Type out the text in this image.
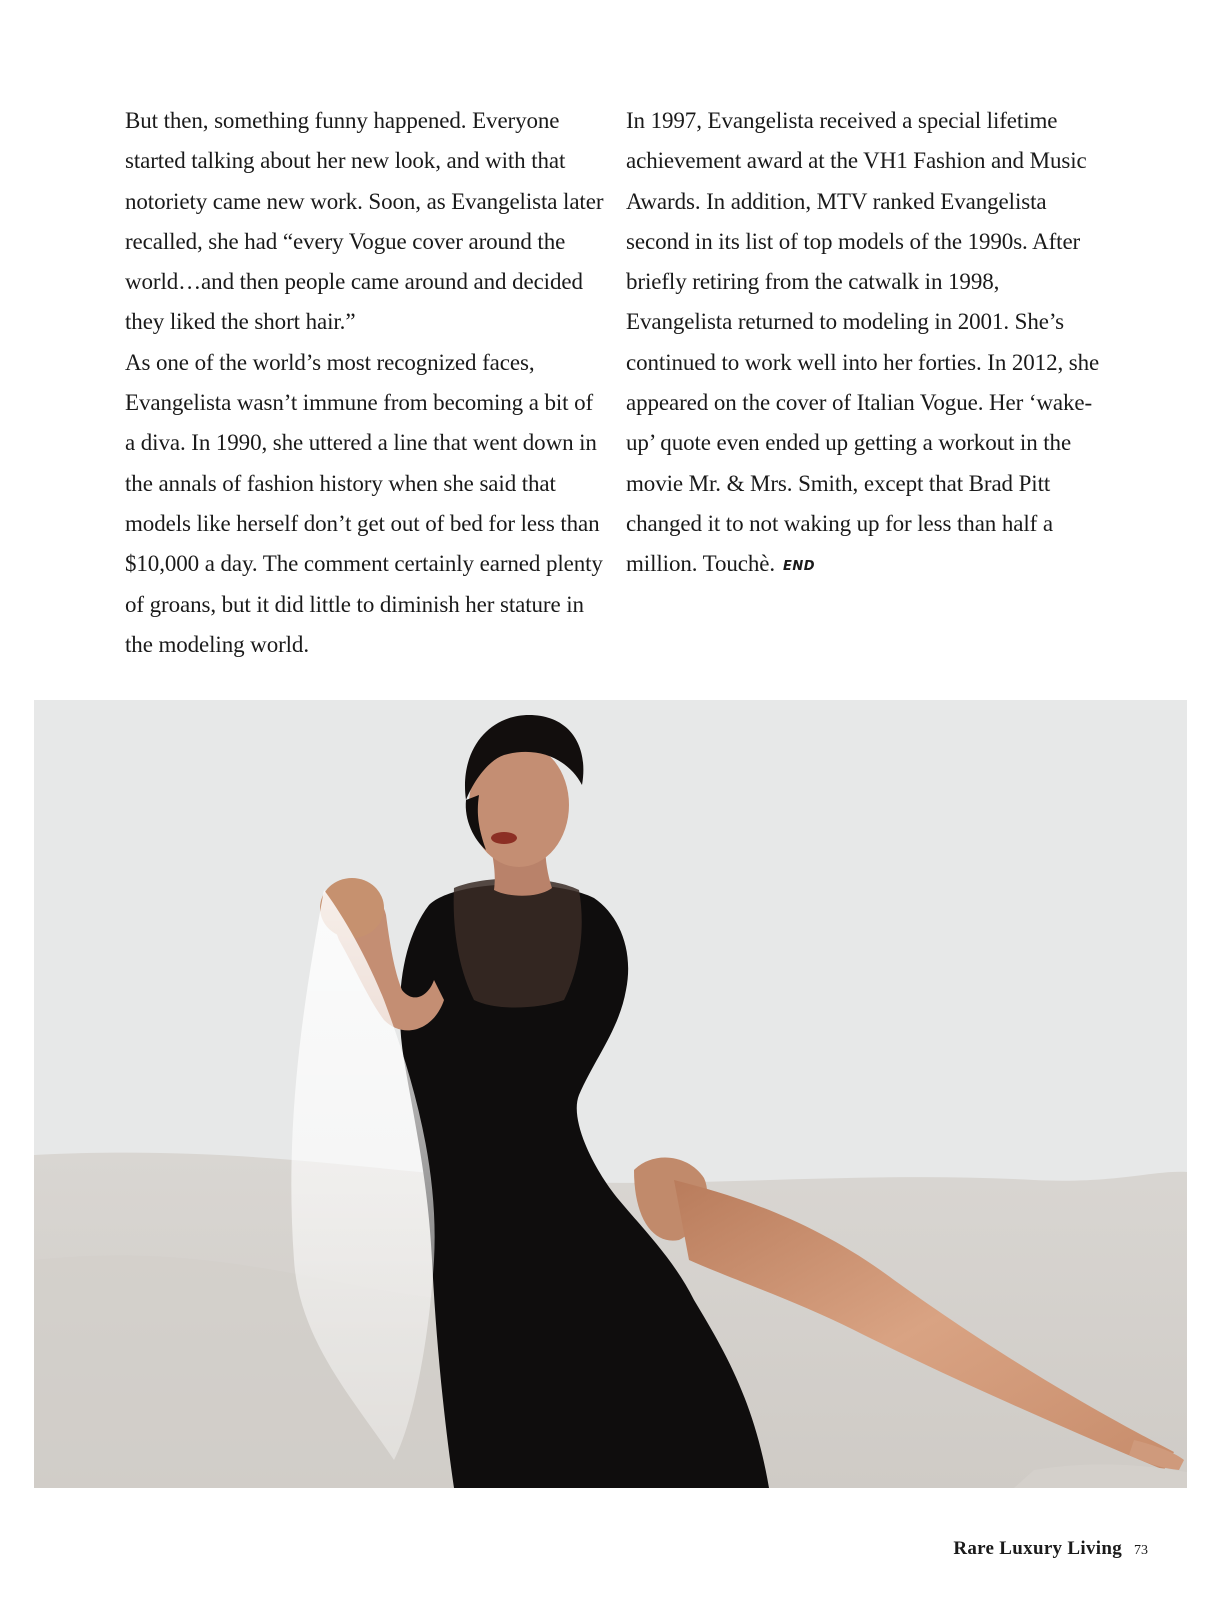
But then, something funny happened. Everyone started talking about her new look, and with that notoriety came new work. Soon, as Evangelista later recalled, she had “every Vogue cover around the world…and then people came around and decided they liked the short hair.”

As one of the world’s most recognized faces, Evangelista wasn’t immune from becoming a bit of a diva. In 1990, she uttered a line that went down in the annals of fashion history when she said that models like herself don’t get out of bed for less than $10,000 a day. The comment certainly earned plenty of groans, but it did little to diminish her stature in the modeling world.

In 1997, Evangelista received a special lifetime achievement award at the VH1 Fashion and Music Awards. In addition, MTV ranked Evangelista second in its list of top models of the 1990s. After briefly retiring from the catwalk in 1998, Evangelista returned to modeling in 2001. She’s continued to work well into her forties. In 2012, she appeared on the cover of Italian Vogue. Her ‘wake-up’ quote even ended up getting a workout in the movie Mr. & Mrs. Smith, except that Brad Pitt changed it to not waking up for less than half a million. Touchè. END

Rare Luxury Living 73
